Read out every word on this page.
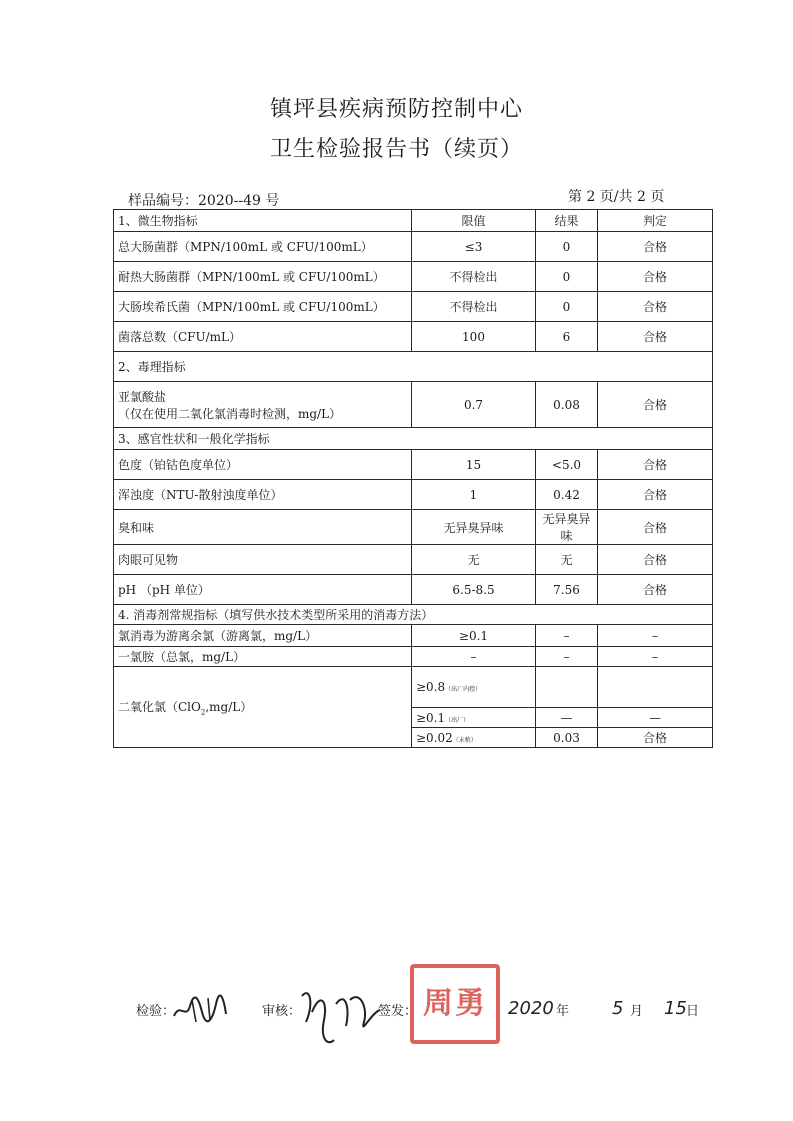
镇坪县疾病预防控制中心
卫生检验报告书（续页）
样品编号：2020--49 号	第 2 页/共 2 页
1、微生物指标	限值	结果	判定
总大肠菌群（MPN/100mL 或 CFU/100mL）	≤3	0	合格
耐热大肠菌群（MPN/100mL 或 CFU/100mL）	不得检出	0	合格
大肠埃希氏菌（MPN/100mL 或 CFU/100mL）	不得检出	0	合格
菌落总数（CFU/mL）	100	6	合格
2、毒理指标			

亚氯酸盐
（仅在使用二氧化氯消毒时检测，mg/L）	0.7	0.08	合格
3、感官性状和一般化学指标			
色度（铂钴色度单位）	15	<5.0	合格
浑浊度（NTU-散射浊度单位）	1	0.42	合格
臭和味	无异臭异味	无异臭异味	合格
肉眼可见物	无	无	合格
pH （pH 单位）	6.5-8.5	7.56	合格
4. 消毒剂常规指标（填写供水技术类型所采用的消毒方法）			
氯消毒为游离余氯（游离氯，mg/L）	≥0.1	–	–
一氯胺（总氯，mg/L）	–	–	–
二氧化氯（ClO$_2$,mg/L）	≥0.8（出厂内控）		
	≥0.1（出厂）	—	—
	≥0.02（末梢）	0.03	合格
检验：	审核：	签发： 周勇	2020 年 5 月 15 日
